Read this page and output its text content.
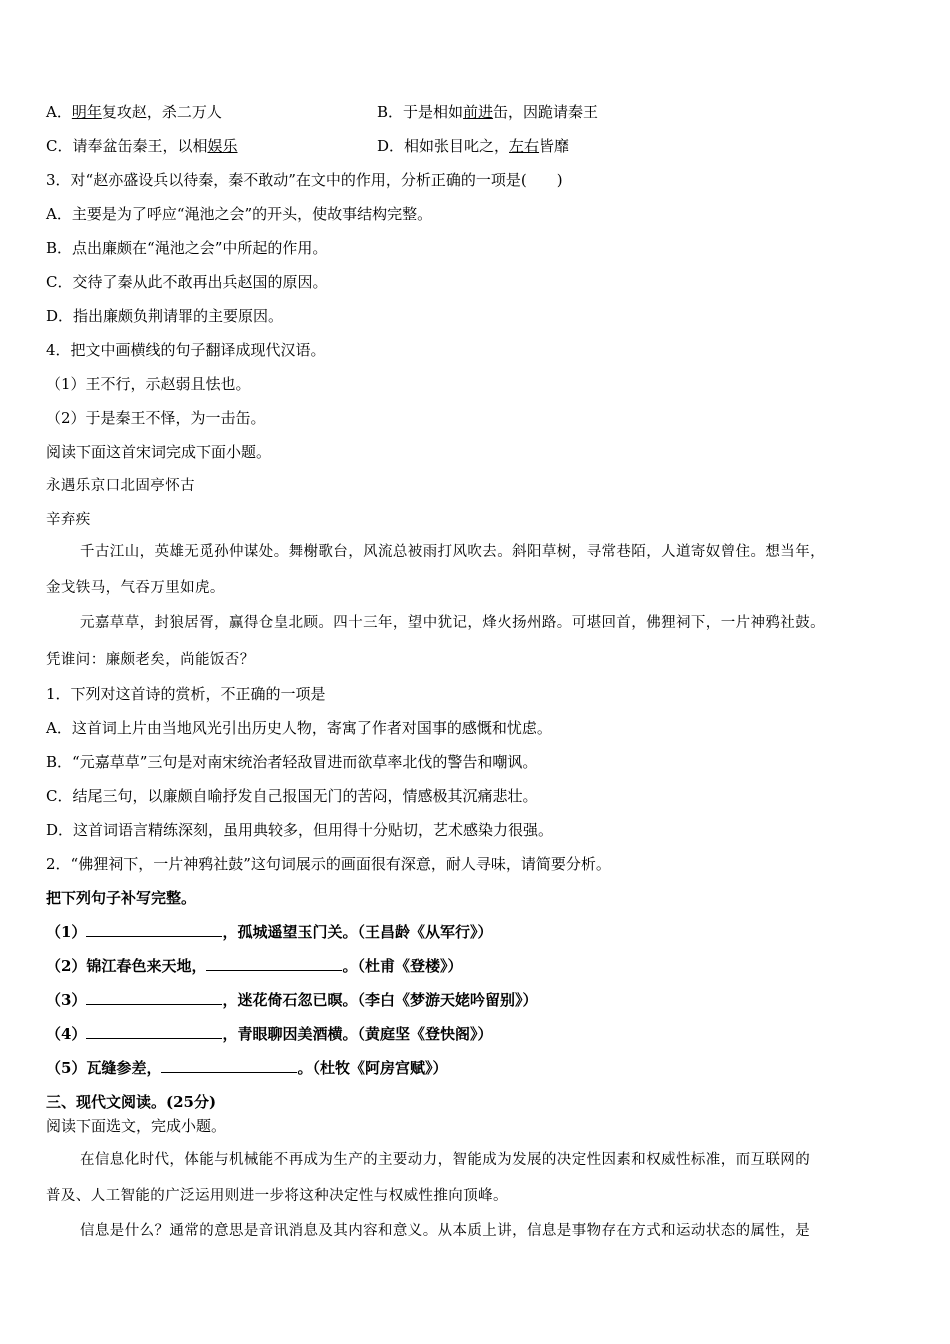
A．明年复攻赵，杀二万人	B．于是相如前进缶，因跪请秦王
C．请奉盆缶秦王，以相娱乐	D．相如张目叱之，左右皆靡
3．对“赵亦盛设兵以待秦，秦不敢动”在文中的作用，分析正确的一项是(　　)
A．主要是为了呼应“渑池之会”的开头，使故事结构完整。
B．点出廉颇在“渑池之会”中所起的作用。
C．交待了秦从此不敢再出兵赵国的原因。
D．指出廉颇负荆请罪的主要原因。
4．把文中画横线的句子翻译成现代汉语。
（1）王不行，示赵弱且怯也。
（2）于是秦王不怿，为一击缶。
阅读下面这首宋词完成下面小题。
永遇乐京口北固亭怀古
辛弃疾
千古江山，英雄无觅孙仲谋处。舞榭歌台，风流总被雨打风吹去。斜阳草树，寻常巷陌，人道寄奴曾住。想当年，
金戈铁马，气吞万里如虎。
元嘉草草，封狼居胥，赢得仓皇北顾。四十三年，望中犹记，烽火扬州路。可堪回首，佛狸祠下，一片神鸦社鼓。
凭谁问：廉颇老矣，尚能饭否？
1．下列对这首诗的赏析，不正确的一项是
A．这首词上片由当地风光引出历史人物，寄寓了作者对国事的感慨和忧虑。
B．“元嘉草草”三句是对南宋统治者轻敌冒进而欲草率北伐的警告和嘲讽。
C．结尾三句，以廉颇自喻抒发自己报国无门的苦闷，情感极其沉痛悲壮。
D．这首词语言精练深刻，虽用典较多，但用得十分贴切，艺术感染力很强。
2．“佛狸祠下，一片神鸦社鼓”这句词展示的画面很有深意，耐人寻味，请简要分析。
把下列句子补写完整。
（1）	，孤城遥望玉门关。（王昌龄《从军行》）
（2）锦江春色来天地，	。（杜甫《登楼》）
（3）	，迷花倚石忽已暝。（李白《梦游天姥吟留别》）
（4）	，青眼聊因美酒横。（黄庭坚《登快阁》）
（5）瓦缝参差，	。（杜牧《阿房宫赋》）
三、现代文阅读。(25分)
阅读下面选文，完成小题。
在信息化时代，体能与机械能不再成为生产的主要动力，智能成为发展的决定性因素和权威性标准，而互联网的
普及、人工智能的广泛运用则进一步将这种决定性与权威性推向顶峰。
信息是什么？通常的意思是音讯消息及其内容和意义。从本质上讲，信息是事物存在方式和运动状态的属性，是
